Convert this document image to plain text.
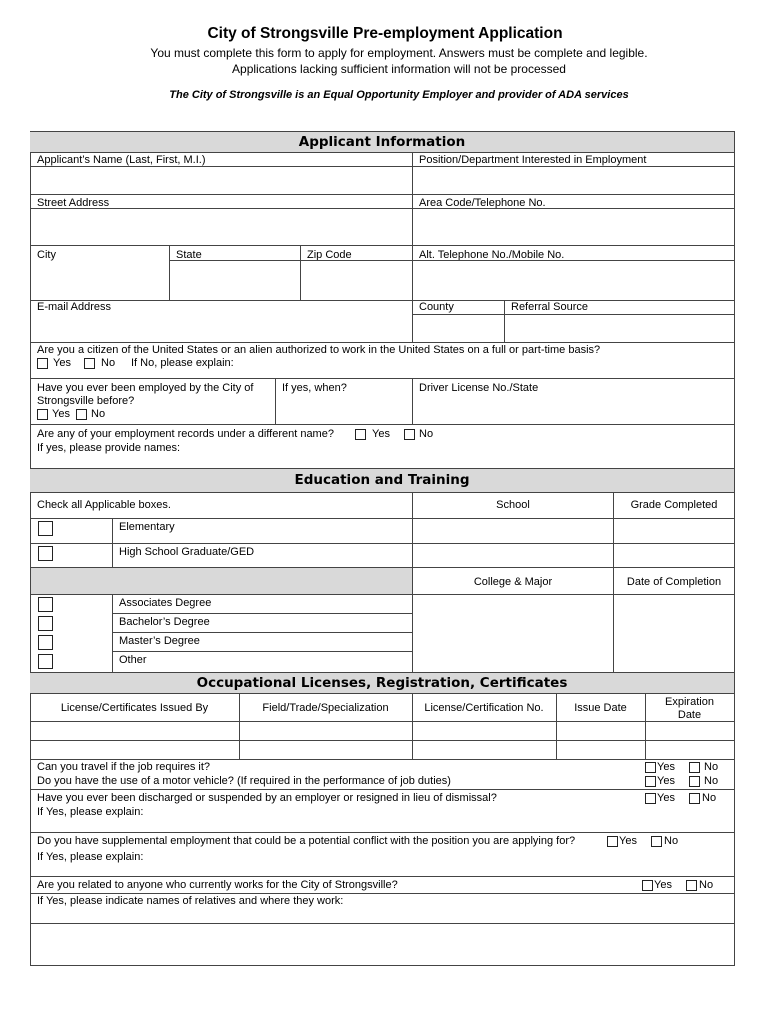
City of Strongsville Pre-employment Application
You must complete this form to apply for employment. Answers must be complete and legible.
Applications lacking sufficient information will not be processed
The City of Strongsville is an Equal Opportunity Employer and provider of ADA services
Applicant Information
Applicant’s Name (Last, First, M.I.)	Position/Department Interested in Employment
Street Address	Area Code/Telephone No.
City	State	Zip Code	Alt. Telephone No./Mobile No.
E-mail Address	County	Referral Source
Are you a citizen of the United States or an alien authorized to work in the United States on a full or part-time basis?
Yes	No If No, please explain:
Have you ever been employed by the City of
Strongsville before?
Yes No
If yes, when?	Driver License No./State
Are any of your employment records under a different name?	Yes	No
If yes, please provide names:
Education and Training
Check all Applicable boxes.	School	Grade Completed
Elementary
High School Graduate/GED
College & Major	Date of Completion
Associates Degree
Bachelor’s Degree
Master’s Degree
Other
Occupational Licenses, Registration, Certificates
License/Certificates Issued By	Field/Trade/Specialization	License/Certification No.	Issue Date	Expiration
Date
Can you travel if the job requires it?	Yes	No
Do you have the use of a motor vehicle? (If required in the performance of job duties)	Yes	No
Have you ever been discharged or suspended by an employer or resigned in lieu of dismissal?	Yes No
If Yes, please explain:
Do you have supplemental employment that could be a potential conflict with the position you are applying for?	Yes No
If Yes, please explain:
Are you related to anyone who currently works for the City of Strongsville?	Yes No
If Yes, please indicate names of relatives and where they work:
